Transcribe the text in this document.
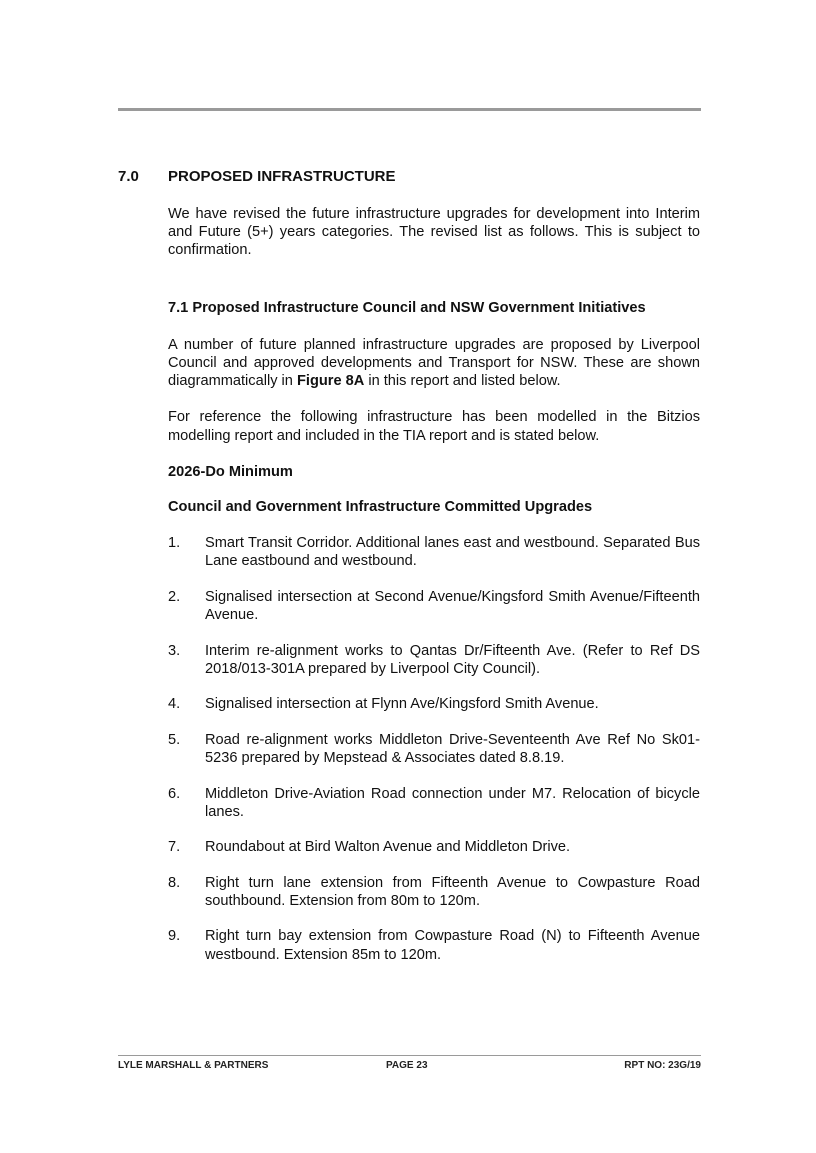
7.0 PROPOSED INFRASTRUCTURE

We have revised the future infrastructure upgrades for development into Interim and Future (5+) years categories. The revised list as follows. This is subject to confirmation.

7.1 Proposed Infrastructure Council and NSW Government Initiatives

A number of future planned infrastructure upgrades are proposed by Liverpool Council and approved developments and Transport for NSW. These are shown diagrammatically in Figure 8A in this report and listed below.

For reference the following infrastructure has been modelled in the Bitzios modelling report and included in the TIA report and is stated below.

2026-Do Minimum

Council and Government Infrastructure Committed Upgrades

1. Smart Transit Corridor. Additional lanes east and westbound. Separated Bus Lane eastbound and westbound.
2. Signalised intersection at Second Avenue/Kingsford Smith Avenue/Fifteenth Avenue.
3. Interim re-alignment works to Qantas Dr/Fifteenth Ave. (Refer to Ref DS 2018/013-301A prepared by Liverpool City Council).
4. Signalised intersection at Flynn Ave/Kingsford Smith Avenue.
5. Road re-alignment works Middleton Drive-Seventeenth Ave Ref No Sk01-5236 prepared by Mepstead & Associates dated 8.8.19.
6. Middleton Drive-Aviation Road connection under M7. Relocation of bicycle lanes.
7. Roundabout at Bird Walton Avenue and Middleton Drive.
8. Right turn lane extension from Fifteenth Avenue to Cowpasture Road southbound. Extension from 80m to 120m.
9. Right turn bay extension from Cowpasture Road (N) to Fifteenth Avenue westbound. Extension 85m to 120m.
LYLE MARSHALL & PARTNERS	PAGE 23	RPT NO: 23G/19
